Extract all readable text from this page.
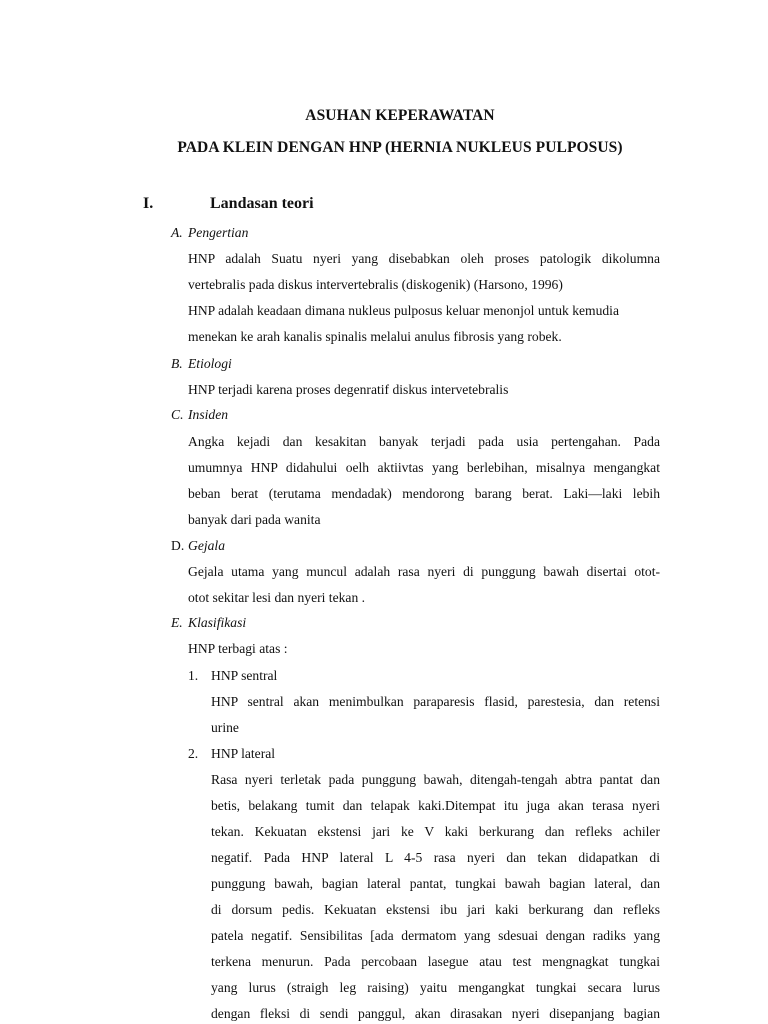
ASUHAN KEPERAWATAN
PADA KLEIN DENGAN HNP (HERNIA NUKLEUS PULPOSUS)
I.	Landasan teori
A. Pengertian
HNP adalah Suatu nyeri yang disebabkan oleh proses patologik dikolumna
vertebralis pada diskus intervertebralis (diskogenik) (Harsono, 1996)
HNP adalah keadaan dimana nukleus pulposus keluar menonjol untuk kemudia
menekan ke arah kanalis spinalis melalui anulus fibrosis yang robek.
B. Etiologi
HNP terjadi karena proses degenratif diskus intervetebralis
C. Insiden
Angka kejadi dan kesakitan banyak terjadi pada usia pertengahan. Pada
umumnya HNP didahului oelh aktiivtas yang berlebihan, misalnya mengangkat
beban berat (terutama mendadak) mendorong barang berat. Laki—laki lebih
banyak dari pada wanita
D. Gejala
Gejala utama yang muncul adalah rasa nyeri di punggung bawah disertai otot-
otot sekitar lesi dan nyeri tekan .
E. Klasifikasi
HNP terbagi atas :
1. HNP sentral
HNP sentral akan menimbulkan paraparesis flasid, parestesia, dan retensi
urine
2. HNP lateral
Rasa nyeri terletak pada punggung bawah, ditengah-tengah abtra pantat dan
betis, belakang tumit dan telapak kaki.Ditempat itu juga akan terasa nyeri
tekan. Kekuatan ekstensi jari ke V kaki berkurang dan refleks achiler
negatif. Pada HNP lateral L 4-5 rasa nyeri dan tekan didapatkan di
punggung bawah, bagian lateral pantat, tungkai bawah bagian lateral, dan
di dorsum pedis. Kekuatan ekstensi ibu jari kaki berkurang dan refleks
patela negatif. Sensibilitas [ada dermatom yang sdesuai dengan radiks yang
terkena menurun. Pada percobaan lasegue atau test mengnagkat tungkai
yang lurus (straigh leg raising) yaitu mengangkat tungkai secara lurus
dengan fleksi di sendi panggul, akan dirasakan nyeri disepanjang bagian
